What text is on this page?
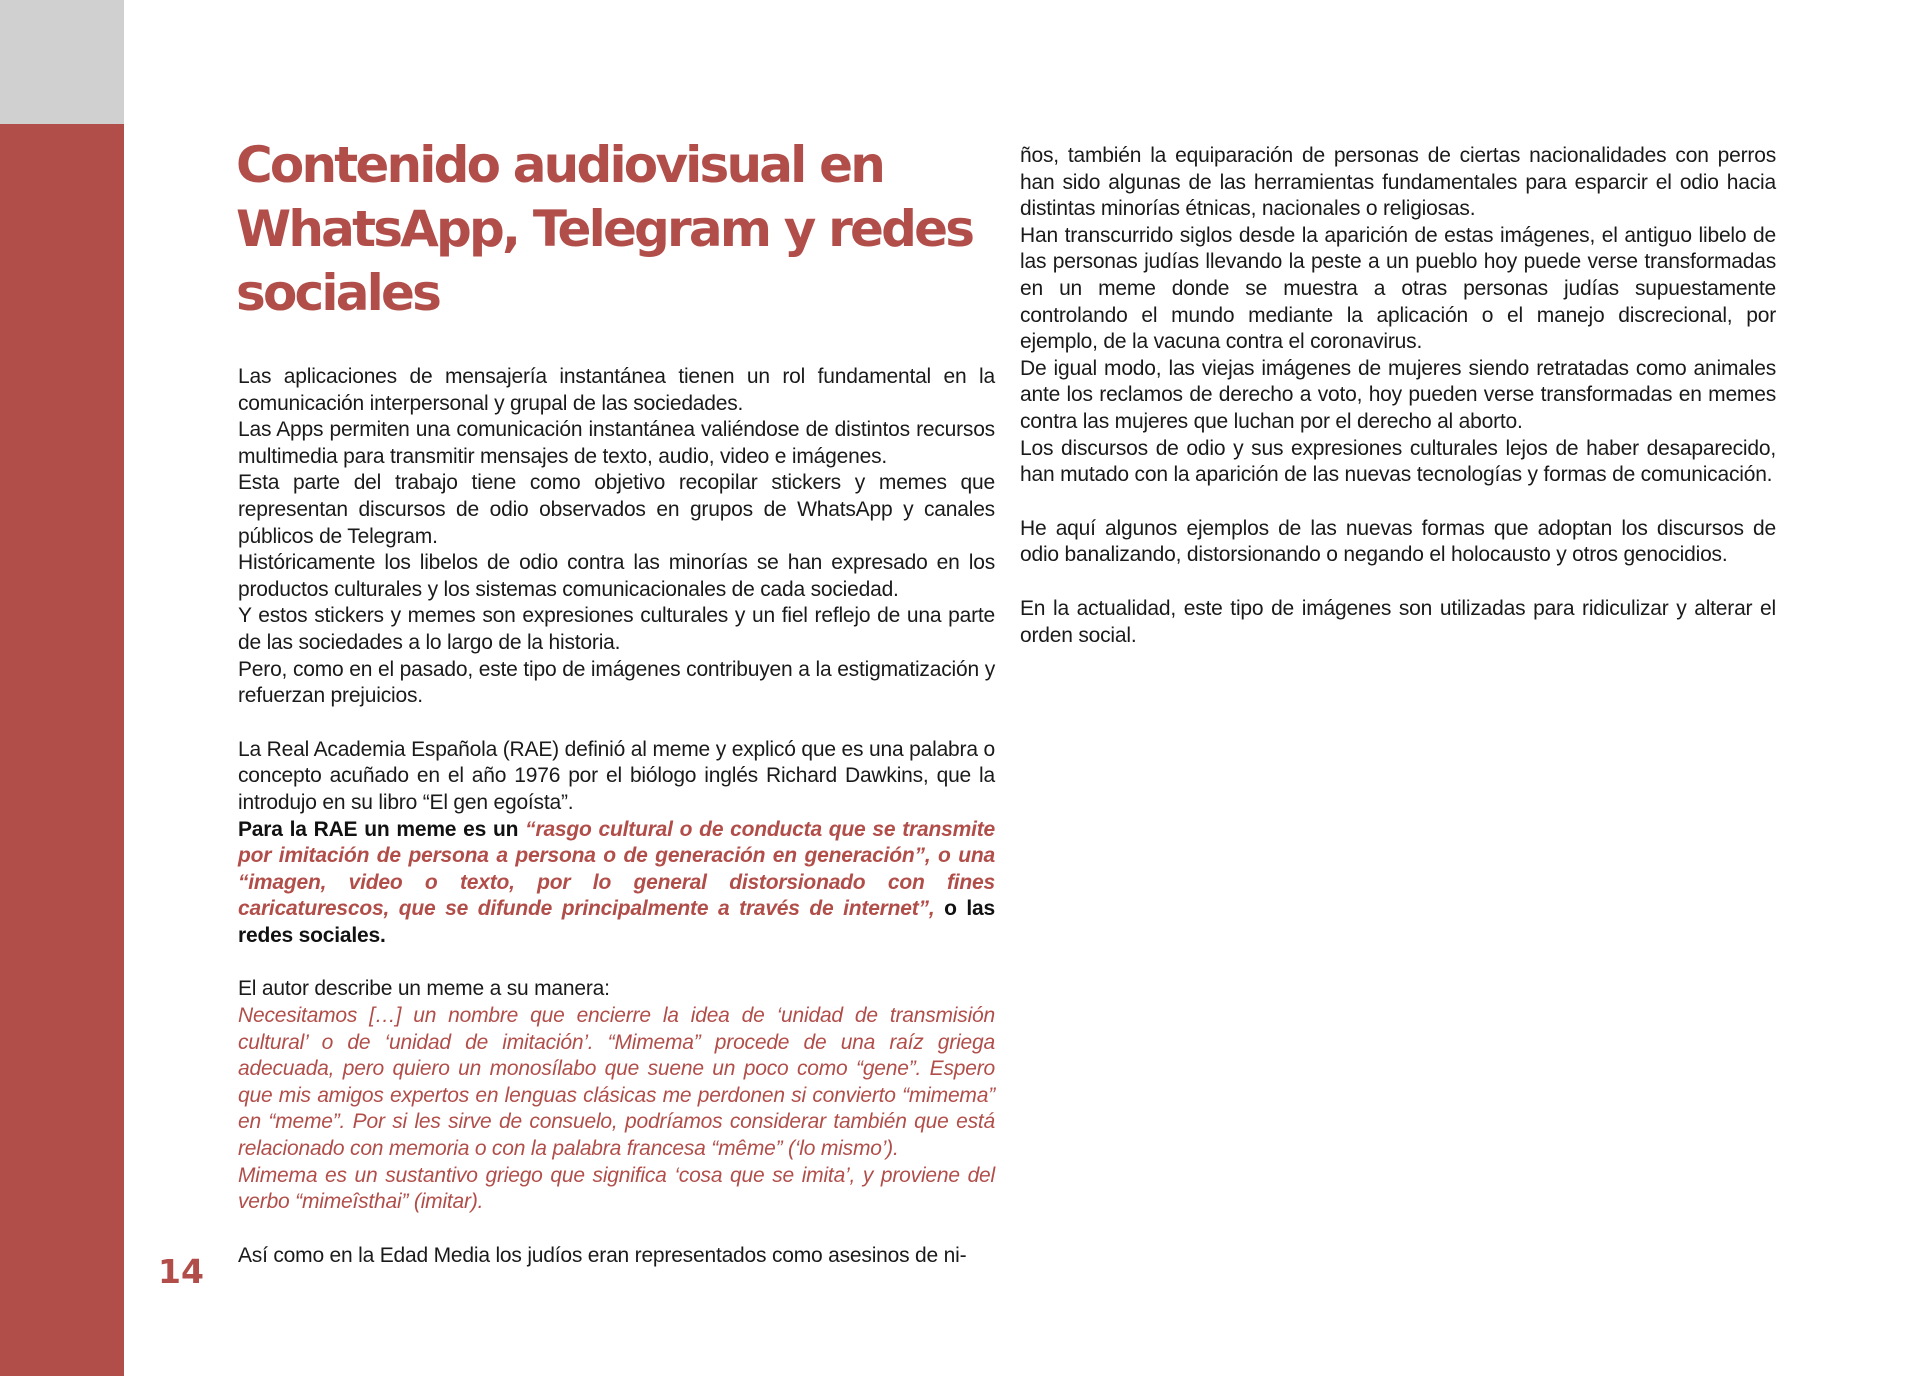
14
Contenido audiovisual en WhatsApp, Telegram y redes sociales

Las aplicaciones de mensajería instantánea tienen un rol fundamental en la comunicación interpersonal y grupal de las sociedades.

Las Apps permiten una comunicación instantánea valiéndose de distintos recursos multimedia para transmitir mensajes de texto, audio, video e imágenes.

Esta parte del trabajo tiene como objetivo recopilar stickers y memes que representan discursos de odio observados en grupos de WhatsApp y canales públicos de Telegram.

Históricamente los libelos de odio contra las minorías se han expresado en los productos culturales y los sistemas comunicacionales de cada sociedad.

Y estos stickers y memes son expresiones culturales y un fiel reflejo de una parte de las sociedades a lo largo de la historia.

Pero, como en el pasado, este tipo de imágenes contribuyen a la estigmatización y refuerzan prejuicios.

La Real Academia Española (RAE) definió al meme y explicó que es una palabra o concepto acuñado en el año 1976 por el biólogo inglés Richard Dawkins, que la introdujo en su libro “El gen egoísta”.

Para la RAE un meme es un “rasgo cultural o de conducta que se transmite por imitación de persona a persona o de generación en generación”, o una “imagen, video o texto, por lo general distorsionado con fines caricaturescos, que se difunde principalmente a través de internet”, o las redes sociales.

El autor describe un meme a su manera:

Necesitamos […] un nombre que encierre la idea de ‘unidad de transmisión cultural’ o de ‘unidad de imitación’. “Mimema” procede de una raíz griega adecuada, pero quiero un monosílabo que suene un poco como “gene”. Espero que mis amigos expertos en lenguas clásicas me perdonen si convierto “mimema” en “meme”. Por si les sirve de consuelo, podríamos considerar también que está relacionado con memoria o con la palabra francesa “même” (‘lo mismo’).

Mimema es un sustantivo griego que significa ‘cosa que se imita’, y proviene del verbo “mimeîsthai” (imitar).

Así como en la Edad Media los judíos eran representados como asesinos de ni-

ños, también la equiparación de personas de ciertas nacionalidades con perros han sido algunas de las herramientas fundamentales para esparcir el odio hacia distintas minorías étnicas, nacionales o religiosas.

Han transcurrido siglos desde la aparición de estas imágenes, el antiguo libelo de las personas judías llevando la peste a un pueblo hoy puede verse transformadas en un meme donde se muestra a otras personas judías supuestamente controlando el mundo mediante la aplicación o el manejo discrecional, por ejemplo, de la vacuna contra el coronavirus.

De igual modo, las viejas imágenes de mujeres siendo retratadas como animales ante los reclamos de derecho a voto, hoy pueden verse transformadas en memes contra las mujeres que luchan por el derecho al aborto.

Los discursos de odio y sus expresiones culturales lejos de haber desaparecido, han mutado con la aparición de las nuevas tecnologías y formas de comunicación.

He aquí algunos ejemplos de las nuevas formas que adoptan los discursos de odio banalizando, distorsionando o negando el holocausto y otros genocidios.

En la actualidad, este tipo de imágenes son utilizadas para ridiculizar y alterar el orden social.
